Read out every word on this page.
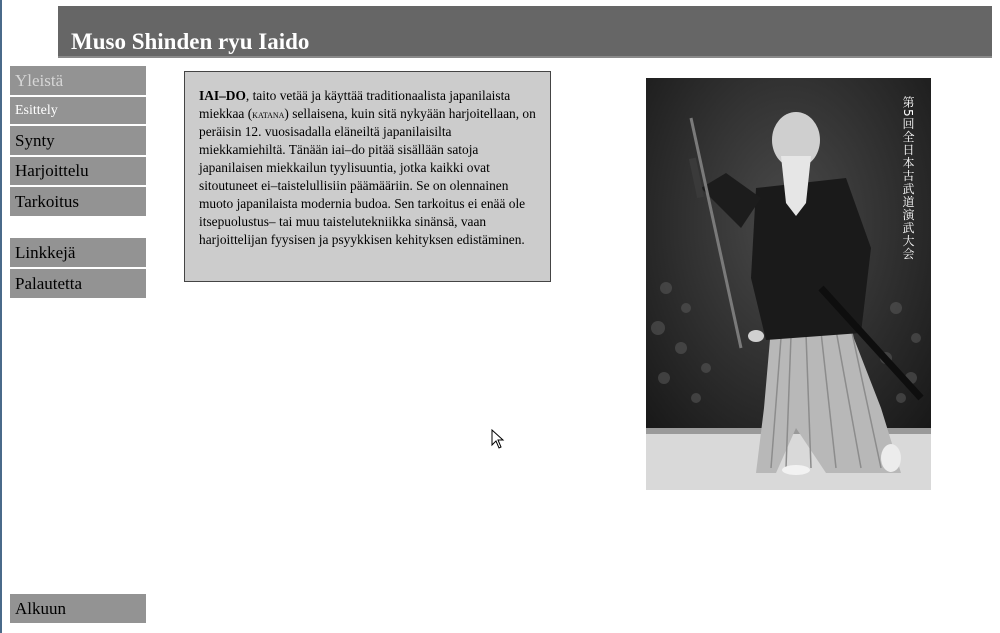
Muso Shinden ryu Iaido
Yleistä
Esittely
Synty
Harjoittelu
Tarkoitus
Linkkejä
Palautetta
Alkuun
IAI–DO, taito vetää ja käyttää traditionaalista japanilaista miekkaa (katana) sellaisena, kuin sitä nykyään harjoitellaan, on peräisin 12. vuosisadalla eläneiltä japanilaisilta miekkamiehiltä. Tänään iai–do pitää sisällään satoja japanilaisen miekkailun tyylisuuntia, jotka kaikki ovat sitoutuneet ei–taistelullisiin päämääriin. Se on olennainen muoto japanilaista modernia budoa. Sen tarkoitus ei enää ole itsepuolustus– tai muu taistelutekniikka sinänsä, vaan harjoittelijan fyysisen ja psyykkisen kehityksen edistäminen.	第5回全日本古武道演武大会
